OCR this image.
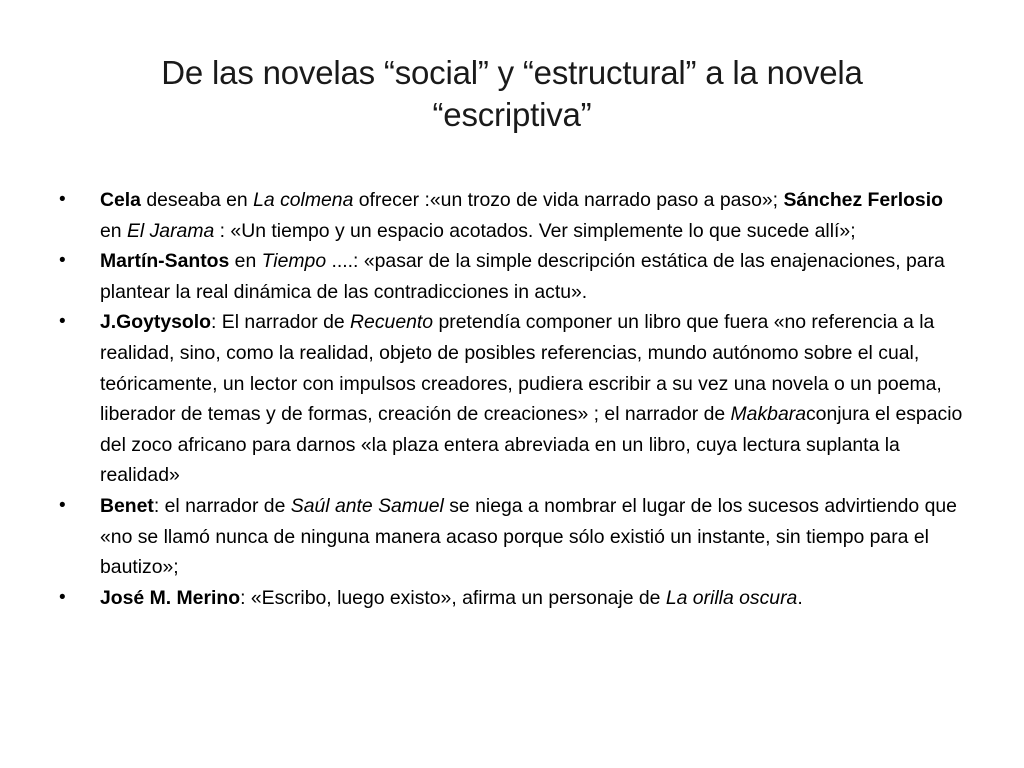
De las novelas “social” y “estructural” a la novela “escriptiva”
• Cela deseaba en La colmena ofrecer :«un trozo de vida narrado paso a paso»; Sánchez Ferlosio en El Jarama : «Un tiempo y un espacio acotados. Ver simplemente lo que sucede allí»;
• Martín-Santos en Tiempo ....: «pasar de la simple descripción estática de las enajenaciones, para plantear la real dinámica de las contradicciones in actu».
• J.Goytysolo: El narrador de Recuento pretendía componer un libro que fuera «no referencia a la realidad, sino, como la realidad, objeto de posibles referencias, mundo autónomo sobre el cual, teóricamente, un lector con impulsos creadores, pudiera escribir a su vez una novela o un poema, liberador de temas y de formas, creación de creaciones» ; el narrador de Makbaraconjura el espacio del zoco africano para darnos «la plaza entera abreviada en un libro, cuya lectura suplanta la realidad»
• Benet: el narrador de Saúl ante Samuel se niega a nombrar el lugar de los sucesos advirtiendo que «no se llamó nunca de ninguna manera acaso porque sólo existió un instante, sin tiempo para el bautizo»;
• José M. Merino: «Escribo, luego existo», afirma un personaje de La orilla oscura.
